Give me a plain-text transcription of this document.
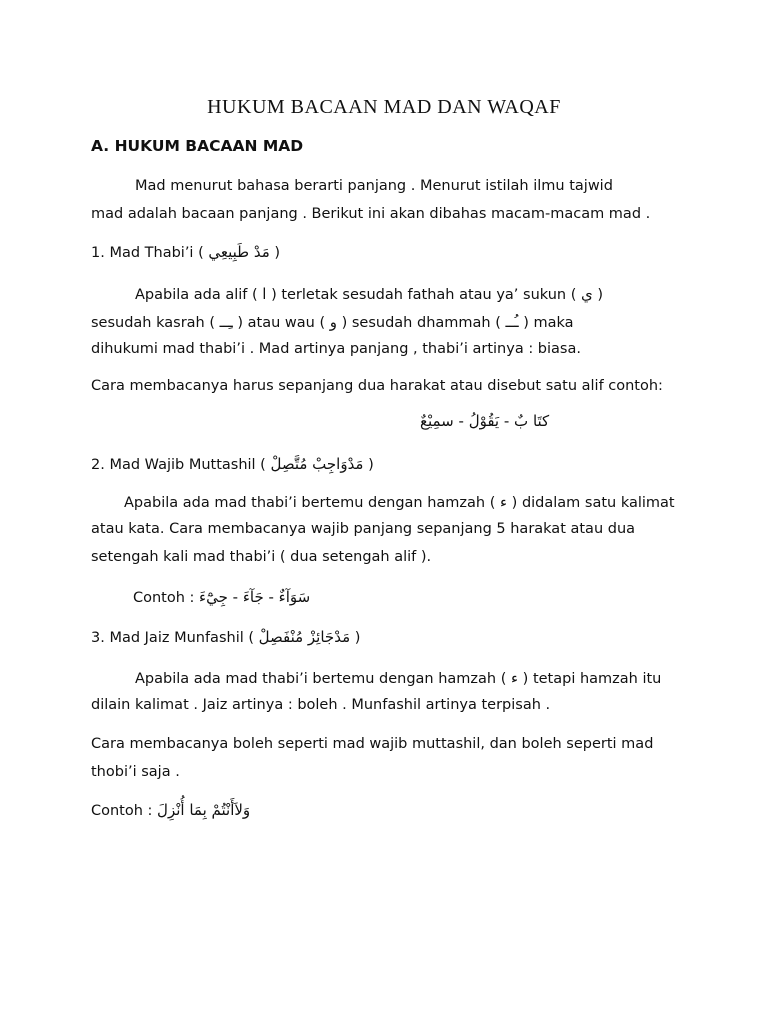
HUKUM BACAAN MAD DAN WAQAF
A. HUKUM BACAAN MAD
Mad menurut bahasa berarti panjang . Menurut istilah ilmu tajwid
mad adalah bacaan panjang . Berikut ini akan dibahas macam-macam mad .
1. Mad Thabi’i ( مَدْ طَبِيعِي )
Apabila ada alif ( ا ) terletak sesudah fathah atau ya’ sukun ( ي )
sesudah kasrah ( ـِــ ) atau wau ( و ) sesudah dhammah ( ـُــ ) maka
dihukumi mad thabi’i . Mad artinya panjang , thabi’i artinya : biasa.
Cara membacanya harus sepanjang dua harakat atau disebut satu alif contoh:
كتَا بٌ - يَقُوْلُ - سمِيْعٌ
2. Mad Wajib Muttashil ( مَدْوَاجِبْ مُتَّصِلْ )
Apabila ada mad thabi’i bertemu dengan hamzah ( ء ) didalam satu kalimat
atau kata. Cara membacanya wajib panjang sepanjang 5 harakat atau dua
setengah kali mad thabi’i ( dua setengah alif ).
Contoh : سَوَآءٌ - جَآءَ - جِيْٓءَ
3. Mad Jaiz Munfashil ( مَدْجَائِزْ مُنْفَصِلْ )
Apabila ada mad thabi’i bertemu dengan hamzah ( ء ) tetapi hamzah itu
dilain kalimat . Jaiz artinya : boleh . Munfashil artinya terpisah .
Cara membacanya boleh seperti mad wajib muttashil, dan boleh seperti mad
thobi’i saja .
Contoh : وَلاَأَنْتُمْ بِمَا أُنْزِلَ
